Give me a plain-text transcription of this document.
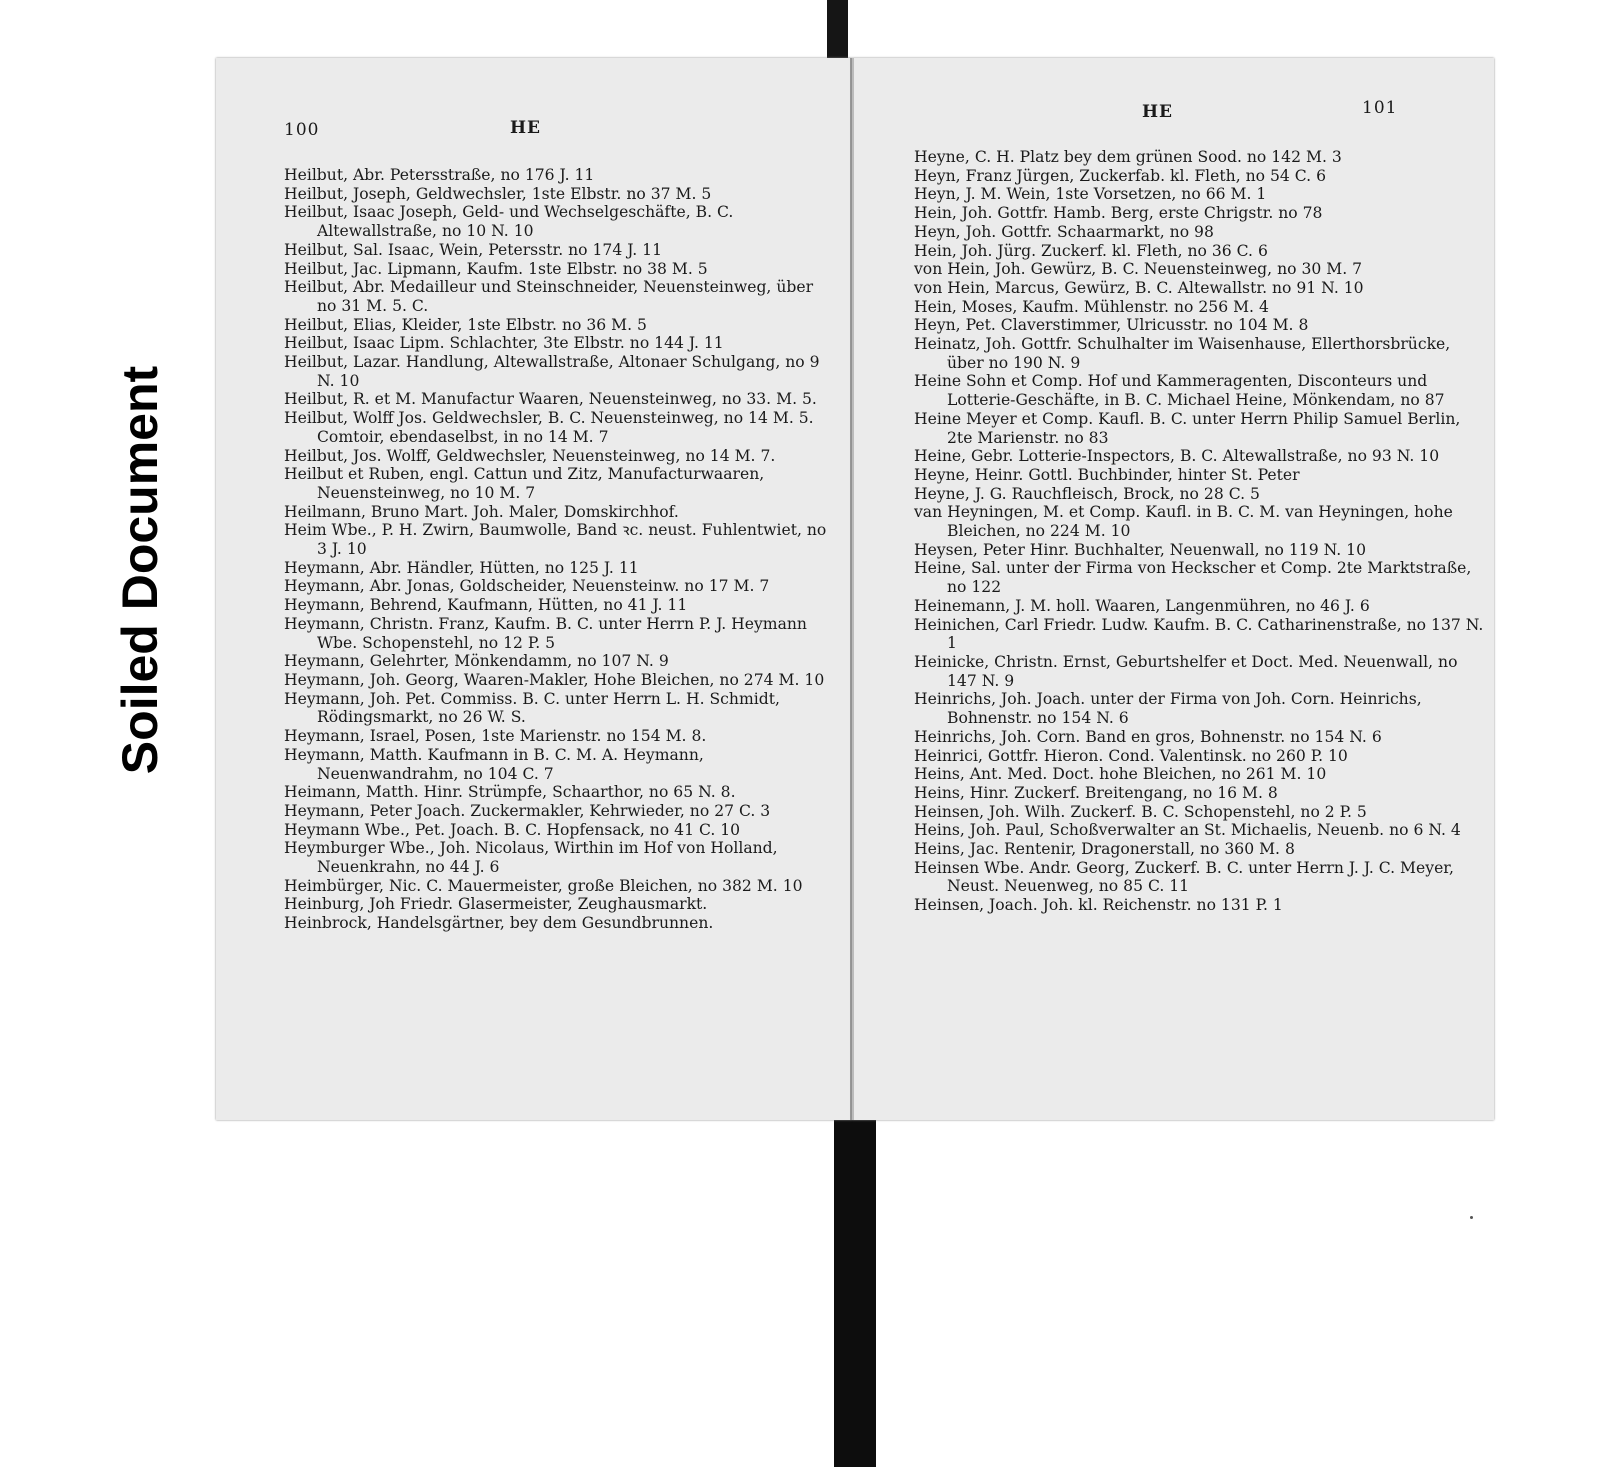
Soiled Document
100	HE
Heilbut, Abr. Petersstraße, no 176 J. 11
Heilbut, Joseph, Geldwechsler, 1ste Elbstr. no 37 M. 5
Heilbut, Isaac Joseph, Geld- und Wechselgeschäfte, B. C. Altewallstraße, no 10 N. 10
Heilbut, Sal. Isaac, Wein, Petersstr. no 174 J. 11
Heilbut, Jac. Lipmann, Kaufm. 1ste Elbstr. no 38 M. 5
Heilbut, Abr. Medailleur und Steinschneider, Neuensteinweg, über no 31 M. 5. C.
Heilbut, Elias, Kleider, 1ste Elbstr. no 36 M. 5
Heilbut, Isaac Lipm. Schlachter, 3te Elbstr. no 144 J. 11
Heilbut, Lazar. Handlung, Altewallstraße, Altonaer Schulgang, no 9 N. 10
Heilbut, R. et M. Manufactur Waaren, Neuensteinweg, no 33. M. 5.
Heilbut, Wolff Jos. Geldwechsler, B. C. Neuensteinweg, no 14 M. 5. Comtoir, ebendaselbst, in no 14 M. 7
Heilbut, Jos. Wolff, Geldwechsler, Neuensteinweg, no 14 M. 7.
Heilbut et Ruben, engl. Cattun und Zitz, Manufacturwaaren, Neuensteinweg, no 10 M. 7
Heilmann, Bruno Mart. Joh. Maler, Domskirchhof.
Heim Wbe., P. H. Zwirn, Baumwolle, Band ꝛc. neust. Fuhlentwiet, no 3 J. 10
Heymann, Abr. Händler, Hütten, no 125 J. 11
Heymann, Abr. Jonas, Goldscheider, Neuensteinw. no 17 M. 7
Heymann, Behrend, Kaufmann, Hütten, no 41 J. 11
Heymann, Christn. Franz, Kaufm. B. C. unter Herrn P. J. Heymann Wbe. Schopenstehl, no 12 P. 5
Heymann, Gelehrter, Mönkendamm, no 107 N. 9
Heymann, Joh. Georg, Waaren-Makler, Hohe Bleichen, no 274 M. 10
Heymann, Joh. Pet. Commiss. B. C. unter Herrn L. H. Schmidt, Rödingsmarkt, no 26 W. S.
Heymann, Israel, Posen, 1ste Marienstr. no 154 M. 8.
Heymann, Matth. Kaufmann in B. C. M. A. Heymann, Neuenwandrahm, no 104 C. 7
Heimann, Matth. Hinr. Strümpfe, Schaarthor, no 65 N. 8.
Heymann, Peter Joach. Zuckermakler, Kehrwieder, no 27 C. 3
Heymann Wbe., Pet. Joach. B. C. Hopfensack, no 41 C. 10
Heymburger Wbe., Joh. Nicolaus, Wirthin im Hof von Holland, Neuenkrahn, no 44 J. 6
Heimbürger, Nic. C. Mauermeister, große Bleichen, no 382 M. 10
Heinburg, Joh Friedr. Glasermeister, Zeughausmarkt.
Heinbrock, Handelsgärtner, bey dem Gesundbrunnen.
HE	101
Heyne, C. H. Platz bey dem grünen Sood. no 142 M. 3
Heyn, Franz Jürgen, Zuckerfab. kl. Fleth, no 54 C. 6
Heyn, J. M. Wein, 1ste Vorsetzen, no 66 M. 1
Hein, Joh. Gottfr. Hamb. Berg, erste Chrigstr. no 78
Heyn, Joh. Gottfr. Schaarmarkt, no 98
Hein, Joh. Jürg. Zuckerf. kl. Fleth, no 36 C. 6
von Hein, Joh. Gewürz, B. C. Neuensteinweg, no 30 M. 7
von Hein, Marcus, Gewürz, B. C. Altewallstr. no 91 N. 10
Hein, Moses, Kaufm. Mühlenstr. no 256 M. 4
Heyn, Pet. Claverstimmer, Ulricusstr. no 104 M. 8
Heinatz, Joh. Gottfr. Schulhalter im Waisenhause, Ellerthorsbrücke, über no 190 N. 9
Heine Sohn et Comp. Hof und Kammeragenten, Disconteurs und Lotterie-Geschäfte, in B. C. Michael Heine, Mönkendam, no 87
Heine Meyer et Comp. Kaufl. B. C. unter Herrn Philip Samuel Berlin, 2te Marienstr. no 83
Heine, Gebr. Lotterie-Inspectors, B. C. Altewallstraße, no 93 N. 10
Heyne, Heinr. Gottl. Buchbinder, hinter St. Peter
Heyne, J. G. Rauchfleisch, Brock, no 28 C. 5
van Heyningen, M. et Comp. Kaufl. in B. C. M. van Heyningen, hohe Bleichen, no 224 M. 10
Heysen, Peter Hinr. Buchhalter, Neuenwall, no 119 N. 10
Heine, Sal. unter der Firma von Heckscher et Comp. 2te Marktstraße, no 122
Heinemann, J. M. holl. Waaren, Langenmühren, no 46 J. 6
Heinichen, Carl Friedr. Ludw. Kaufm. B. C. Catharinenstraße, no 137 N. 1
Heinicke, Christn. Ernst, Geburtshelfer et Doct. Med. Neuenwall, no 147 N. 9
Heinrichs, Joh. Joach. unter der Firma von Joh. Corn. Heinrichs, Bohnenstr. no 154 N. 6
Heinrichs, Joh. Corn. Band en gros, Bohnenstr. no 154 N. 6
Heinrici, Gottfr. Hieron. Cond. Valentinsk. no 260 P. 10
Heins, Ant. Med. Doct. hohe Bleichen, no 261 M. 10
Heins, Hinr. Zuckerf. Breitengang, no 16 M. 8
Heinsen, Joh. Wilh. Zuckerf. B. C. Schopenstehl, no 2 P. 5
Heins, Joh. Paul, Schoßverwalter an St. Michaelis, Neuenb. no 6 N. 4
Heins, Jac. Rentenir, Dragonerstall, no 360 M. 8
Heinsen Wbe. Andr. Georg, Zuckerf. B. C. unter Herrn J. J. C. Meyer, Neust. Neuenweg, no 85 C. 11
Heinsen, Joach. Joh. kl. Reichenstr. no 131 P. 1
